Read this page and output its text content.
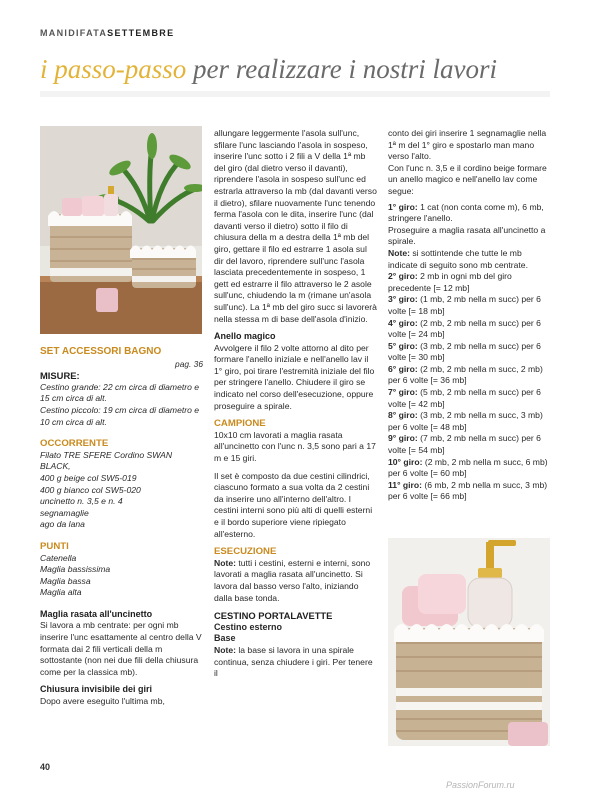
MANIDIFATASETTEMBRE
i passo-passo per realizzare i nostri lavori
SET ACCESSORI BAGNO
pag. 36
MISURE:
Cestino grande: 22 cm circa di diametro e
15 cm circa di alt.
Cestino piccolo: 19 cm circa di diametro e
10 cm circa di alt.
OCCORRENTE
Filato TRE SFERE Cordino SWAN BLACK,
400 g beige col SW5-019
400 g bianco col SW5-020
uncinetto n. 3,5 e n. 4
segnamaglie
ago da lana
PUNTI
Catenella
Maglia bassissima
Maglia bassa
Maglia alta
Maglia rasata all'uncinetto
Si lavora a mb centrate: per ogni mb inserire l'unc esattamente al centro della V formata dai 2 fili verticali della m sottostante (non nei due fili della chiusura come per la classica mb).
Chiusura invisibile dei giri
Dopo avere eseguito l'ultima mb,
allungare leggermente l'asola sull'unc, sfilare l'unc lasciando l'asola in sospeso, inserire l'unc sotto i 2 fili a V della 1ª mb del giro (dal dietro verso il davanti), riprendere l'asola in sospeso sull'unc ed estrarla attraverso la mb (dal davanti verso il dietro), sfilare nuovamente l'unc tenendo ferma l'asola con le dita, inserire l'unc (dal davanti verso il dietro) sotto il filo di chiusura della m a destra della 1ª mb del giro, gettare il filo ed estrarre 1 asola sul dir del lavoro, riprendere sull'unc l'asola lasciata precedentemente in sospeso, 1 gett ed estrarre il filo attraverso le 2 asole sull'unc, chiudendo la m (rimane un'asola sull'unc). La 1ª mb del giro succ si lavorerà nella stessa m di base dell'asola d'inizio.
Anello magico
Avvolgere il filo 2 volte attorno al dito per formare l'anello iniziale e nell'anello lav il 1° giro, poi tirare l'estremità iniziale del filo per stringere l'anello. Chiudere il giro se indicato nel corso dell'esecuzione, oppure proseguire a spirale.
CAMPIONE
10x10 cm lavorati a maglia rasata all'uncinetto con l'unc n. 3,5 sono pari a 17 m e 15 giri.
Il set è composto da due cestini cilindrici, ciascuno formato a sua volta da 2 cestini da inserire uno all'interno dell'altro. I cestini interni sono più alti di quelli esterni e il bordo superiore viene ripiegato all'esterno.
ESECUZIONE
Note: tutti i cestini, esterni e interni, sono lavorati a maglia rasata all'uncinetto. Si lavora dal basso verso l'alto, iniziando dalla base tonda.
CESTINO PORTALAVETTE
Cestino esterno
Base
Note: la base si lavora in una spirale continua, senza chiudere i giri. Per tenere il
conto dei giri inserire 1 segnamaglie nella 1ª m del 1° giro e spostarlo man mano verso l'alto.
Con l'unc n. 3,5 e il cordino beige formare un anello magico e nell'anello lav come segue:
1° giro: 1 cat (non conta come m), 6 mb, stringere l'anello.
Proseguire a maglia rasata all'uncinetto a spirale.
Note: si sottintende che tutte le mb indicate di seguito sono mb centrate.
2° giro: 2 mb in ogni mb del giro precedente [= 12 mb]
3° giro: (1 mb, 2 mb nella m succ) per 6 volte [= 18 mb]
4° giro: (2 mb, 2 mb nella m succ) per 6 volte [= 24 mb]
5° giro: (3 mb, 2 mb nella m succ) per 6 volte [= 30 mb]
6° giro: (2 mb, 2 mb nella m succ, 2 mb) per 6 volte [= 36 mb]
7° giro: (5 mb, 2 mb nella m succ) per 6 volte [= 42 mb]
8° giro: (3 mb, 2 mb nella m succ, 3 mb) per 6 volte [= 48 mb]
9° giro: (7 mb, 2 mb nella m succ) per 6 volte [= 54 mb]
10° giro: (2 mb, 2 mb nella m succ, 6 mb) per 6 volte [= 60 mb]
11° giro: (6 mb, 2 mb nella m succ, 3 mb) per 6 volte [= 66 mb]
40
PassionForum.ru
